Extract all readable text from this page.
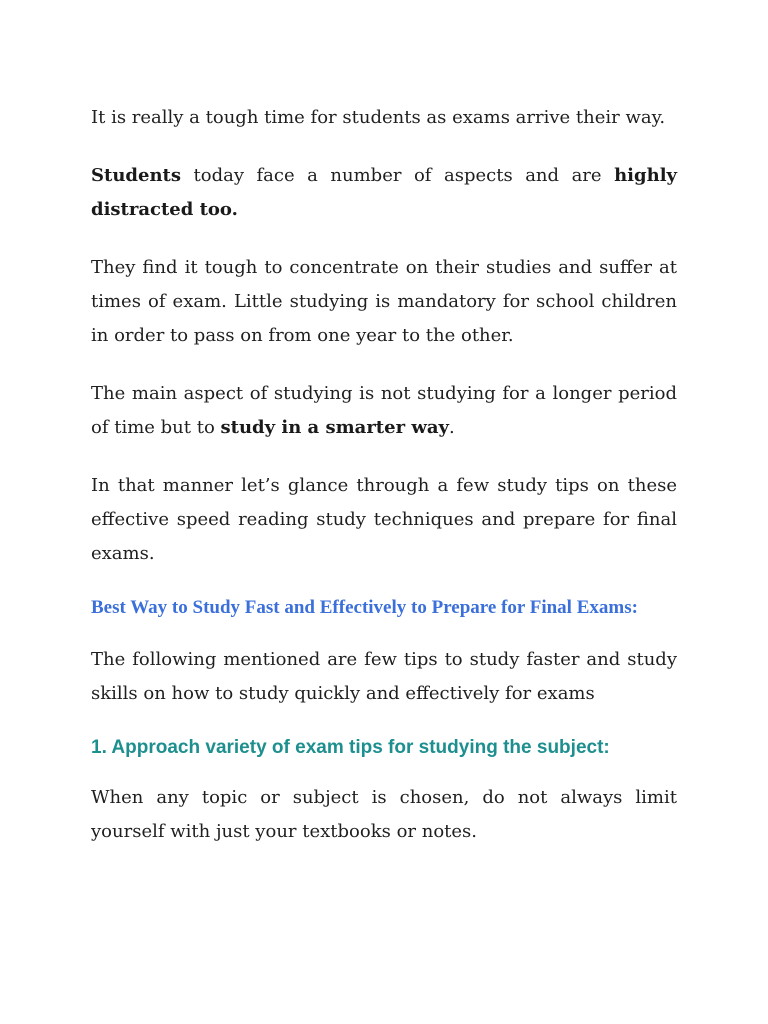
It is really a tough time for students as exams arrive their way.

Students today face a number of aspects and are highly distracted too.

They find it tough to concentrate on their studies and suffer at times of exam. Little studying is mandatory for school children in order to pass on from one year to the other.

The main aspect of studying is not studying for a longer period of time but to study in a smarter way.

In that manner let’s glance through a few study tips on these effective speed reading study techniques and prepare for final exams.

Best Way to Study Fast and Effectively to Prepare for Final Exams:

The following mentioned are few tips to study faster and study skills on how to study quickly and effectively for exams

1. Approach variety of exam tips for studying the subject:

When any topic or subject is chosen, do not always limit yourself with just your textbooks or notes.
